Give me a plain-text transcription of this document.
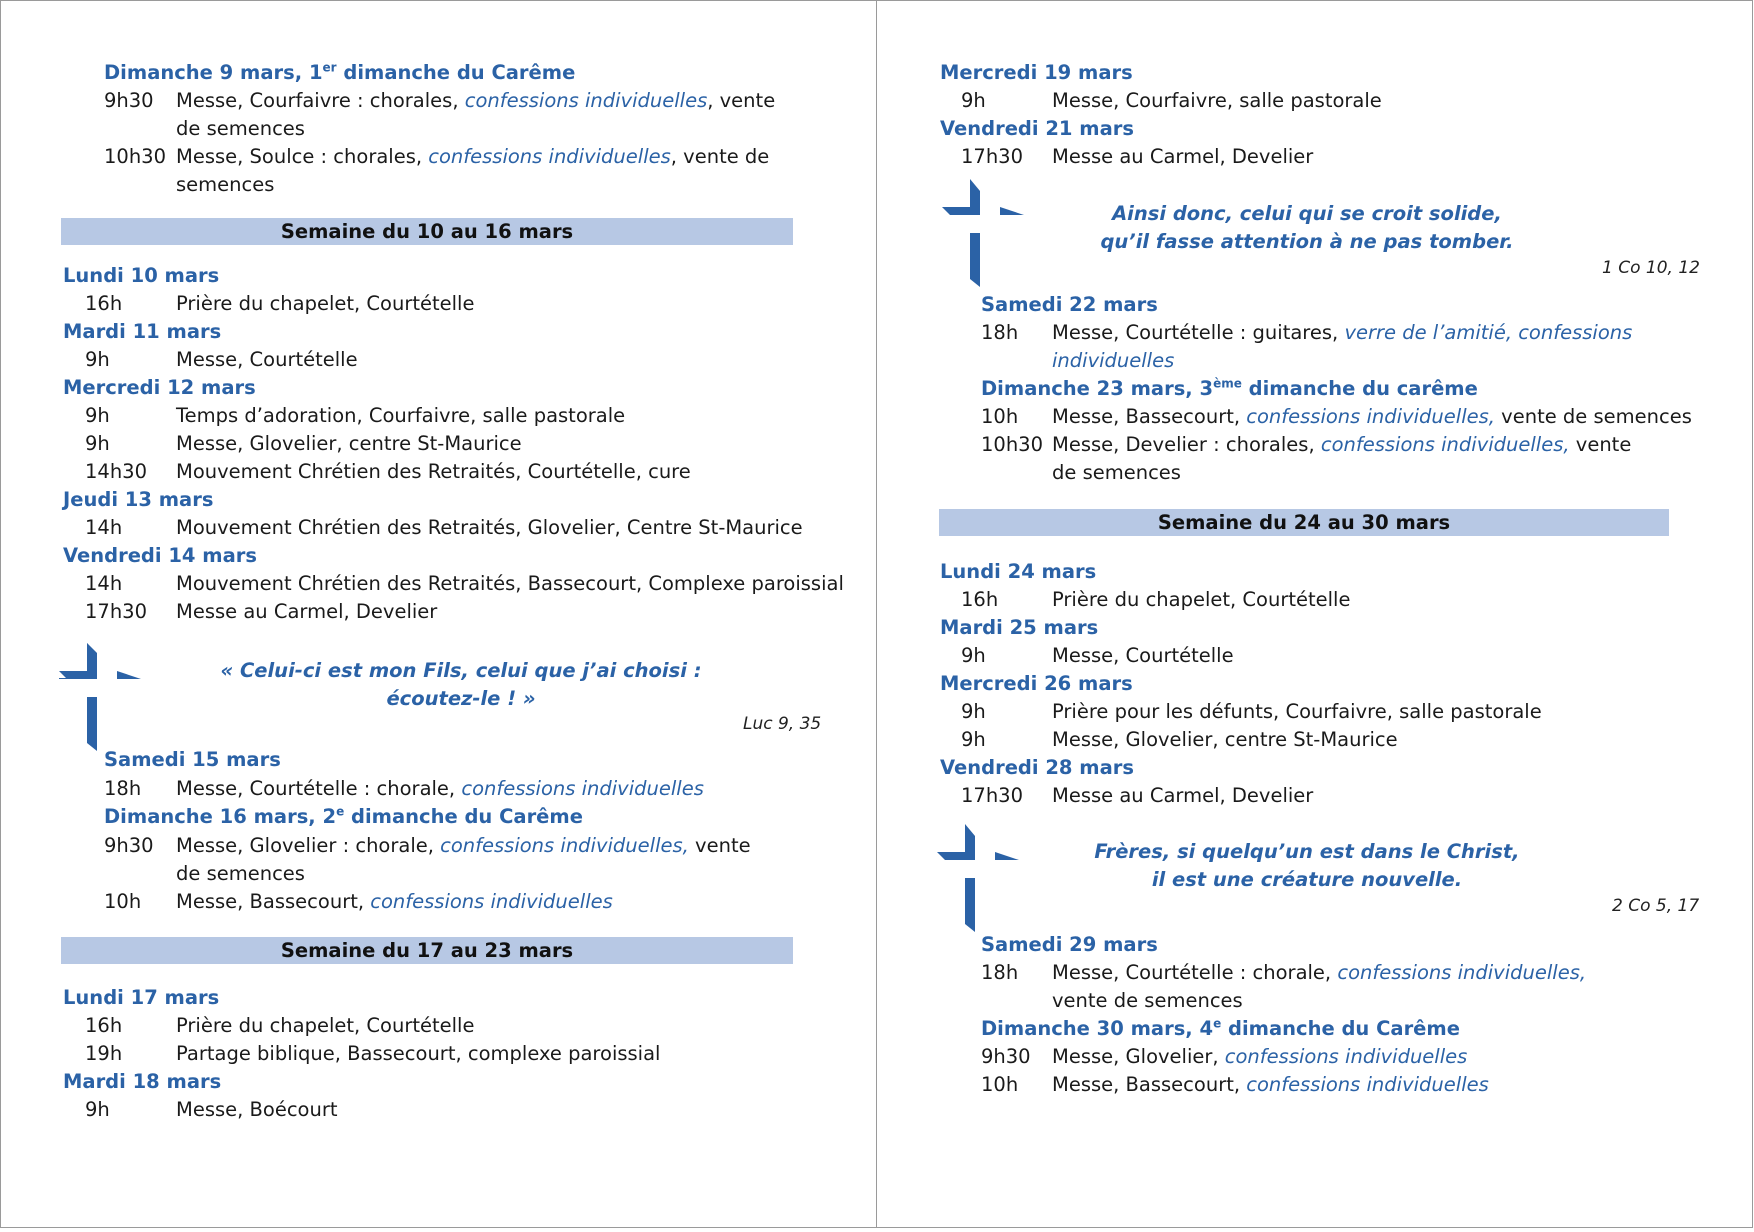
Dimanche 9 mars, 1er dimanche du Carême
9h30 Messe, Courfaivre : chorales, confessions individuelles, vente de semences
10h30 Messe, Soulce : chorales, confessions individuelles, vente de semences
Semaine du 10 au 16 mars
Lundi 10 mars
16h	Prière du chapelet, Courtételle
Mardi 11 mars
9h	Messe, Courtételle
Mercredi 12 mars
9h	Temps d’adoration, Courfaivre, salle pastorale
9h	Messe, Glovelier, centre St-Maurice
14h30 Mouvement Chrétien des Retraités, Courtételle, cure
Jeudi 13 mars
14h	Mouvement Chrétien des Retraités, Glovelier, Centre St-Maurice
Vendredi 14 mars
14h	Mouvement Chrétien des Retraités, Bassecourt, Complexe paroissial
17h30 Messe au Carmel, Develier
« Celui-ci est mon Fils, celui que j’ai choisi :
écoutez-le ! »
Luc 9, 35
Samedi 15 mars
18h Messe, Courtételle : chorale, confessions individuelles
Dimanche 16 mars, 2e dimanche du Carême
9h30 Messe, Glovelier : chorale, confessions individuelles, vente de semences
10h Messe, Bassecourt, confessions individuelles
Semaine du 17 au 23 mars
Lundi 17 mars
16h	Prière du chapelet, Courtételle
19h	Partage biblique, Bassecourt, complexe paroissial
Mardi 18 mars
9h	Messe, Boécourt
Mercredi 19 mars
9h	Messe, Courfaivre, salle pastorale
Vendredi 21 mars
17h30 Messe au Carmel, Develier
Ainsi donc, celui qui se croit solide,
qu’il fasse attention à ne pas tomber.
1 Co 10, 12
Samedi 22 mars
18h Messe, Courtételle : guitares, verre de l’amitié, confessions individuelles
Dimanche 23 mars, 3ème dimanche du carême
10h Messe, Bassecourt, confessions individuelles, vente de semences
10h30 Messe, Develier : chorales, confessions individuelles, vente de semences
Semaine du 24 au 30 mars
Lundi 24 mars
16h	Prière du chapelet, Courtételle
Mardi 25 mars
9h	Messe, Courtételle
Mercredi 26 mars
9h	Prière pour les défunts, Courfaivre, salle pastorale
9h	Messe, Glovelier, centre St-Maurice
Vendredi 28 mars
17h30 Messe au Carmel, Develier
Frères, si quelqu’un est dans le Christ,
il est une créature nouvelle.
2 Co 5, 17
Samedi 29 mars
18h Messe, Courtételle : chorale, confessions individuelles, vente de semences
Dimanche 30 mars, 4e dimanche du Carême
9h30 Messe, Glovelier, confessions individuelles
10h Messe, Bassecourt, confessions individuelles
